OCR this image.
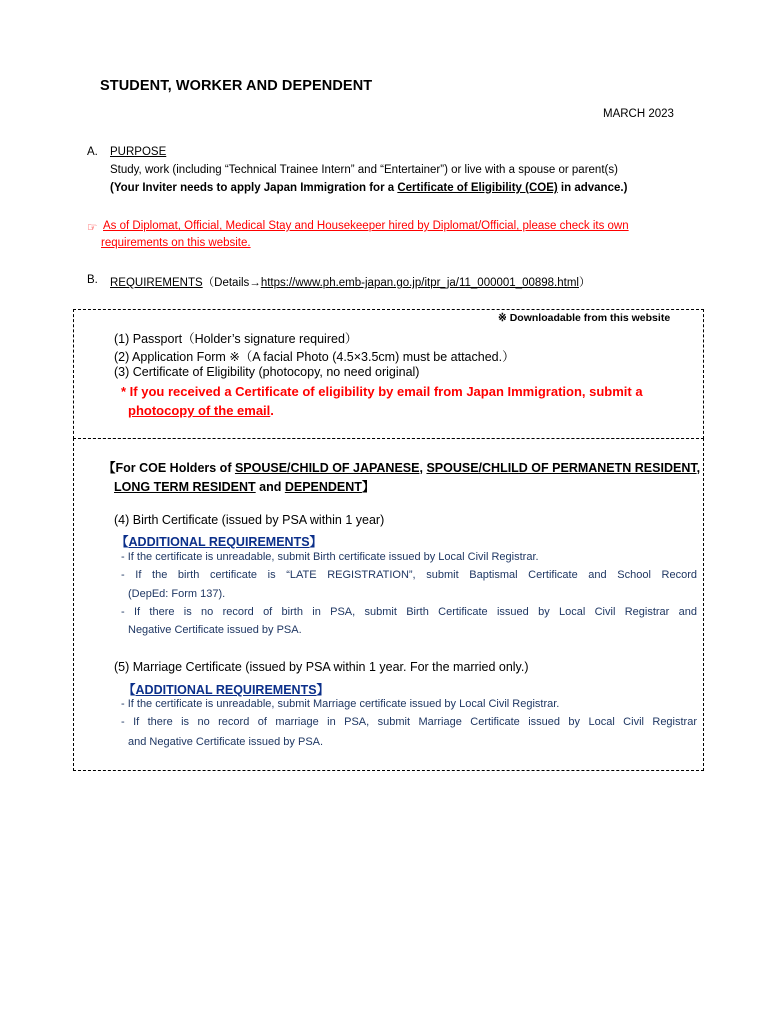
STUDENT, WORKER AND DEPENDENT
MARCH 2023
A. PURPOSE
Study, work (including “Technical Trainee Intern” and “Entertainer”) or live with a spouse or parent(s)
(Your Inviter needs to apply Japan Immigration for a Certificate of Eligibility (COE) in advance.)
☞ As of Diplomat, Official, Medical Stay and Housekeeper hired by Diplomat/Official, please check its own
requirements on this website.
B. REQUIREMENTS（Details→https://www.ph.emb-japan.go.jp/itpr_ja/11_000001_00898.html）
※ Downloadable from this website
(1) Passport（Holder’s signature required）
(2) Application Form ※（A facial Photo (4.5×3.5cm) must be attached.）
(3) Certificate of Eligibility (photocopy, no need original)
* If you received a Certificate of eligibility by email from Japan Immigration, submit a
photocopy of the email.
【For COE Holders of SPOUSE/CHILD OF JAPANESE, SPOUSE/CHLILD OF PERMANETN RESIDENT,
LONG TERM RESIDENT and DEPENDENT】
(4) Birth Certificate (issued by PSA within 1 year)
【ADDITIONAL REQUIREMENTS】
- If the certificate is unreadable, submit Birth certificate issued by Local Civil Registrar.
- If the birth certificate is “LATE REGISTRATION”, submit Baptismal Certificate and School Record
(DepEd: Form 137).
- If there is no record of birth in PSA, submit Birth Certificate issued by Local Civil Registrar and
Negative Certificate issued by PSA.
(5) Marriage Certificate (issued by PSA within 1 year. For the married only.)
【ADDITIONAL REQUIREMENTS】
- If the certificate is unreadable, submit Marriage certificate issued by Local Civil Registrar.
- If there is no record of marriage in PSA, submit Marriage Certificate issued by Local Civil Registrar
and Negative Certificate issued by PSA.
